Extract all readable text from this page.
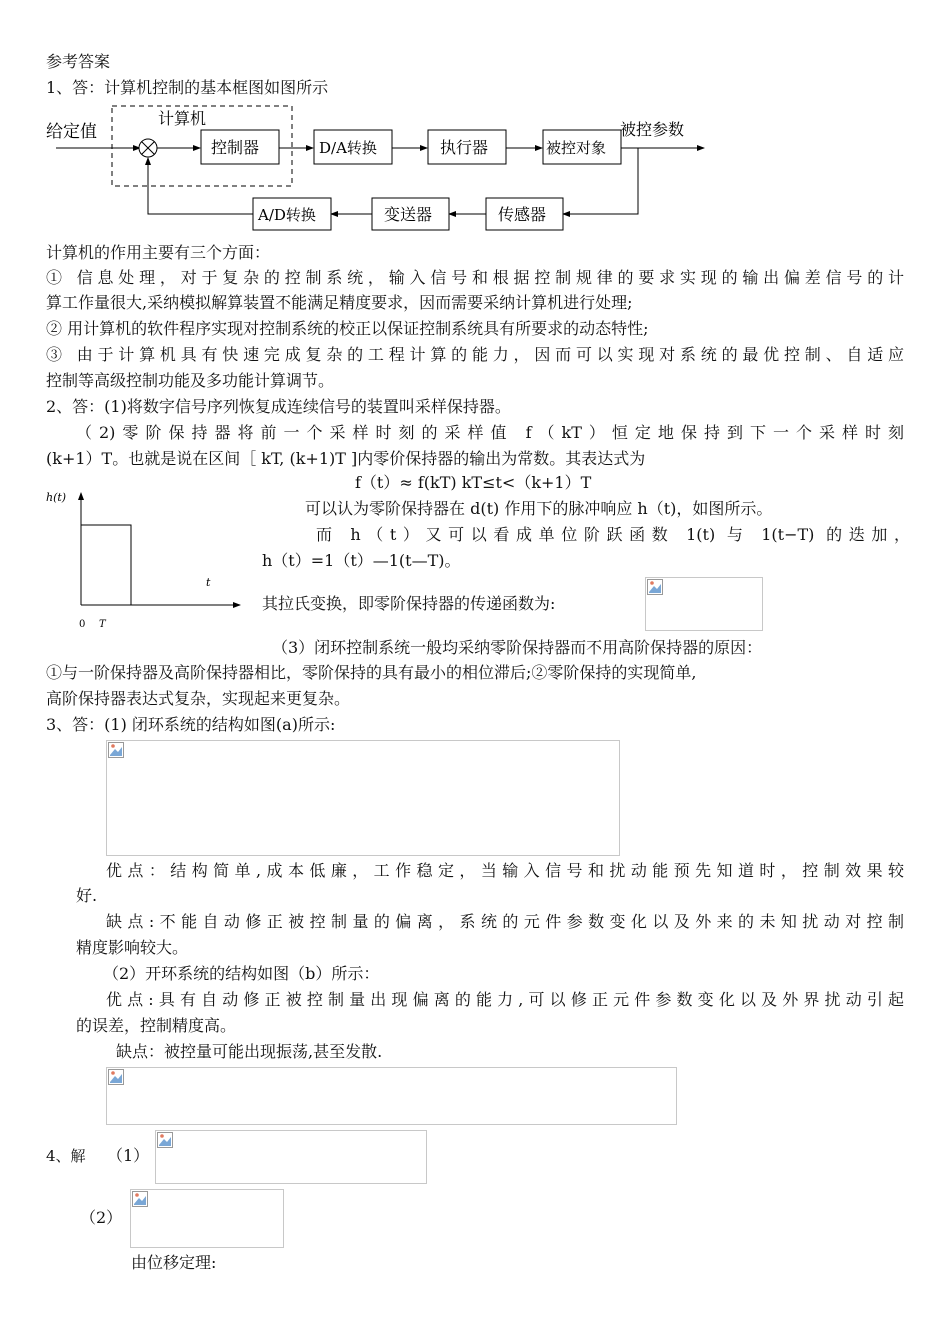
参考答案
1、答：计算机控制的基本框图如图所示
给定值
计算机
控制器	D/A转换	执行器	被控对象
被控参数
传感器
变送器
A/D转换
计算机的作用主要有三个方面：
① 信息处理，对于复杂的控制系统，输入信号和根据控制规律的要求实现的输出偏差信号的计
算工作量很大,采纳模拟解算装置不能满足精度要求，因而需要采纳计算机进行处理;
② 用计算机的软件程序实现对控制系统的校正以保证控制系统具有所要求的动态特性;
③ 由于计算机具有快速完成复杂的工程计算的能力，因而可以实现对系统的最优控制、自适应
控制等高级控制功能及多功能计算调节。
2、答：(1)将数字信号序列恢复成连续信号的装置叫采样保持器。
（2)零阶保持器将前一个采样时刻的采样值 f（kT）恒定地保持到下一个采样时刻
(k+1）T。也就是说在区间［ kT, (k+1)T ]内零价保持器的输出为常数。其表达式为
f（t）≈ f(kT) kT≤t<（k+1）T
h(t)
t
0 T
可以认为零阶保持器在 d(t) 作用下的脉冲响应 h（t)，如图所示。
而 h（t）又可以看成单位阶跃函数 1(t) 与 1(t−T) 的迭加，
h（t）=1（t）—1(t—T)。
其拉氏变换，即零阶保持器的传递函数为:
（3）闭环控制系统一般均采纳零阶保持器而不用高阶保持器的原因：
①与一阶保持器及高阶保持器相比，零阶保持的具有最小的相位滞后;②零阶保持的实现简单,
高阶保持器表达式复杂，实现起来更复杂。
3、答：(1) 闭环系统的结构如图(a)所示:
优点：结构简单,成本低廉，工作稳定，当输入信号和扰动能预先知道时，控制效果较
好.
缺点:不能自动修正被控制量的偏离，系统的元件参数变化以及外来的未知扰动对控制
精度影响较大。
（2）开环系统的结构如图（b）所示：
优点:具有自动修正被控制量出现偏离的能力,可以修正元件参数变化以及外界扰动引起
的误差，控制精度高。
缺点：被控量可能出现振荡,甚至发散.
4、解 （1）
（2）
由位移定理:
